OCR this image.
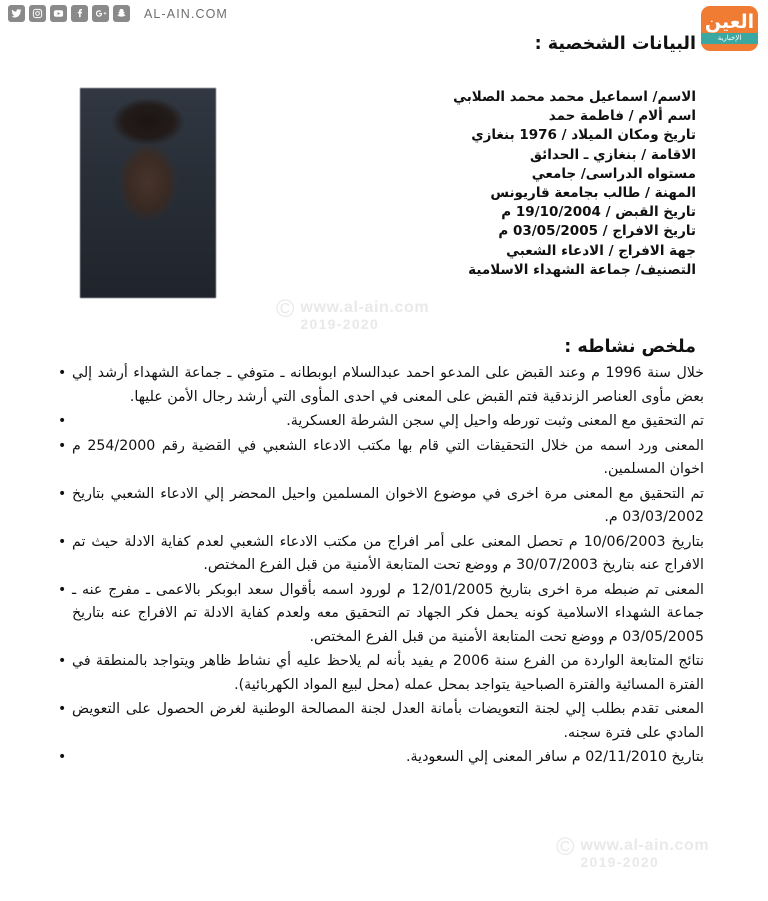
AL-AIN.COM	العين
الإخبارية
البيانات الشخصية :
الاسم/ اسماعيل محمد محمد الصلابي
اسم ألام / فاطمة حمد
تاريخ ومكان الميلاد / 1976 بنغازي
الاقامة / بنغازي ـ الحدائق
مستواه الدراسى/ جامعي
المهنة / طالب بجامعة قاريونس
تاريخ القبض / 19/10/2004 م
تاريخ الافراج / 03/05/2005 م
جهة الافراج / الادعاء الشعبي
التصنيف/ جماعة الشهداء الاسلامية
ملخص نشاطه :
• خلال سنة 1996 م وعند القبض على المدعو احمد عبدالسلام ابوبطانه ـ متوفي ـ جماعة الشهداء أرشد إلي بعض مأوى العناصر الزندقية فتم القبض على المعنى في احدى المأوى التي أرشد رجال الأمن عليها.
•	تم التحقيق مع المعنى وثبت تورطه واحيل إلي سجن الشرطة العسكرية.
• المعنى ورد اسمه من خلال التحقيقات التي قام بها مكتب الادعاء الشعبي في القضية رقم 254/2000 م اخوان المسلمين.
• تم التحقيق مع المعنى مرة اخرى في موضوع الاخوان المسلمين واحيل المحضر إلي الادعاء الشعبي بتاريخ 03/03/2002 م.
• بتاريخ 10/06/2003 م تحصل المعنى على أمر افراج من مكتب الادعاء الشعبي لعدم كفاية الادلة حيث تم الافراج عنه بتاريخ 30/07/2003 م ووضع تحت المتابعة الأمنية من قبل الفرع المختص.
• المعنى تم ضبطه مرة اخرى بتاريخ 12/01/2005 م لورود اسمه بأقوال سعد ابوبكر بالاعمى ـ مفرج عنه ـ جماعة الشهداء الاسلامية كونه يحمل فكر الجهاد تم التحقيق معه ولعدم كفاية الادلة تم الافراج عنه بتاريخ 03/05/2005 م ووضع تحت المتابعة الأمنية من قبل الفرع المختص.
• نتائج المتابعة الواردة من الفرع سنة 2006 م يفيد بأنه لم يلاحظ عليه أي نشاط ظاهر ويتواجد بالمنطقة في الفترة المسائية والفترة الصباحية يتواجد بمحل عمله (محل لبيع المواد الكهربائية).
• المعنى تقدم بطلب إلي لجنة التعويضات بأمانة العدل لجنة المصالحة الوطنية لغرض الحصول على التعويض المادي على فترة سجنه.
•	بتاريخ 02/11/2010 م سافر المعنى إلي السعودية.
© www.al-ain.com
2019-2020
© www.al-ain.com
2019-2020
